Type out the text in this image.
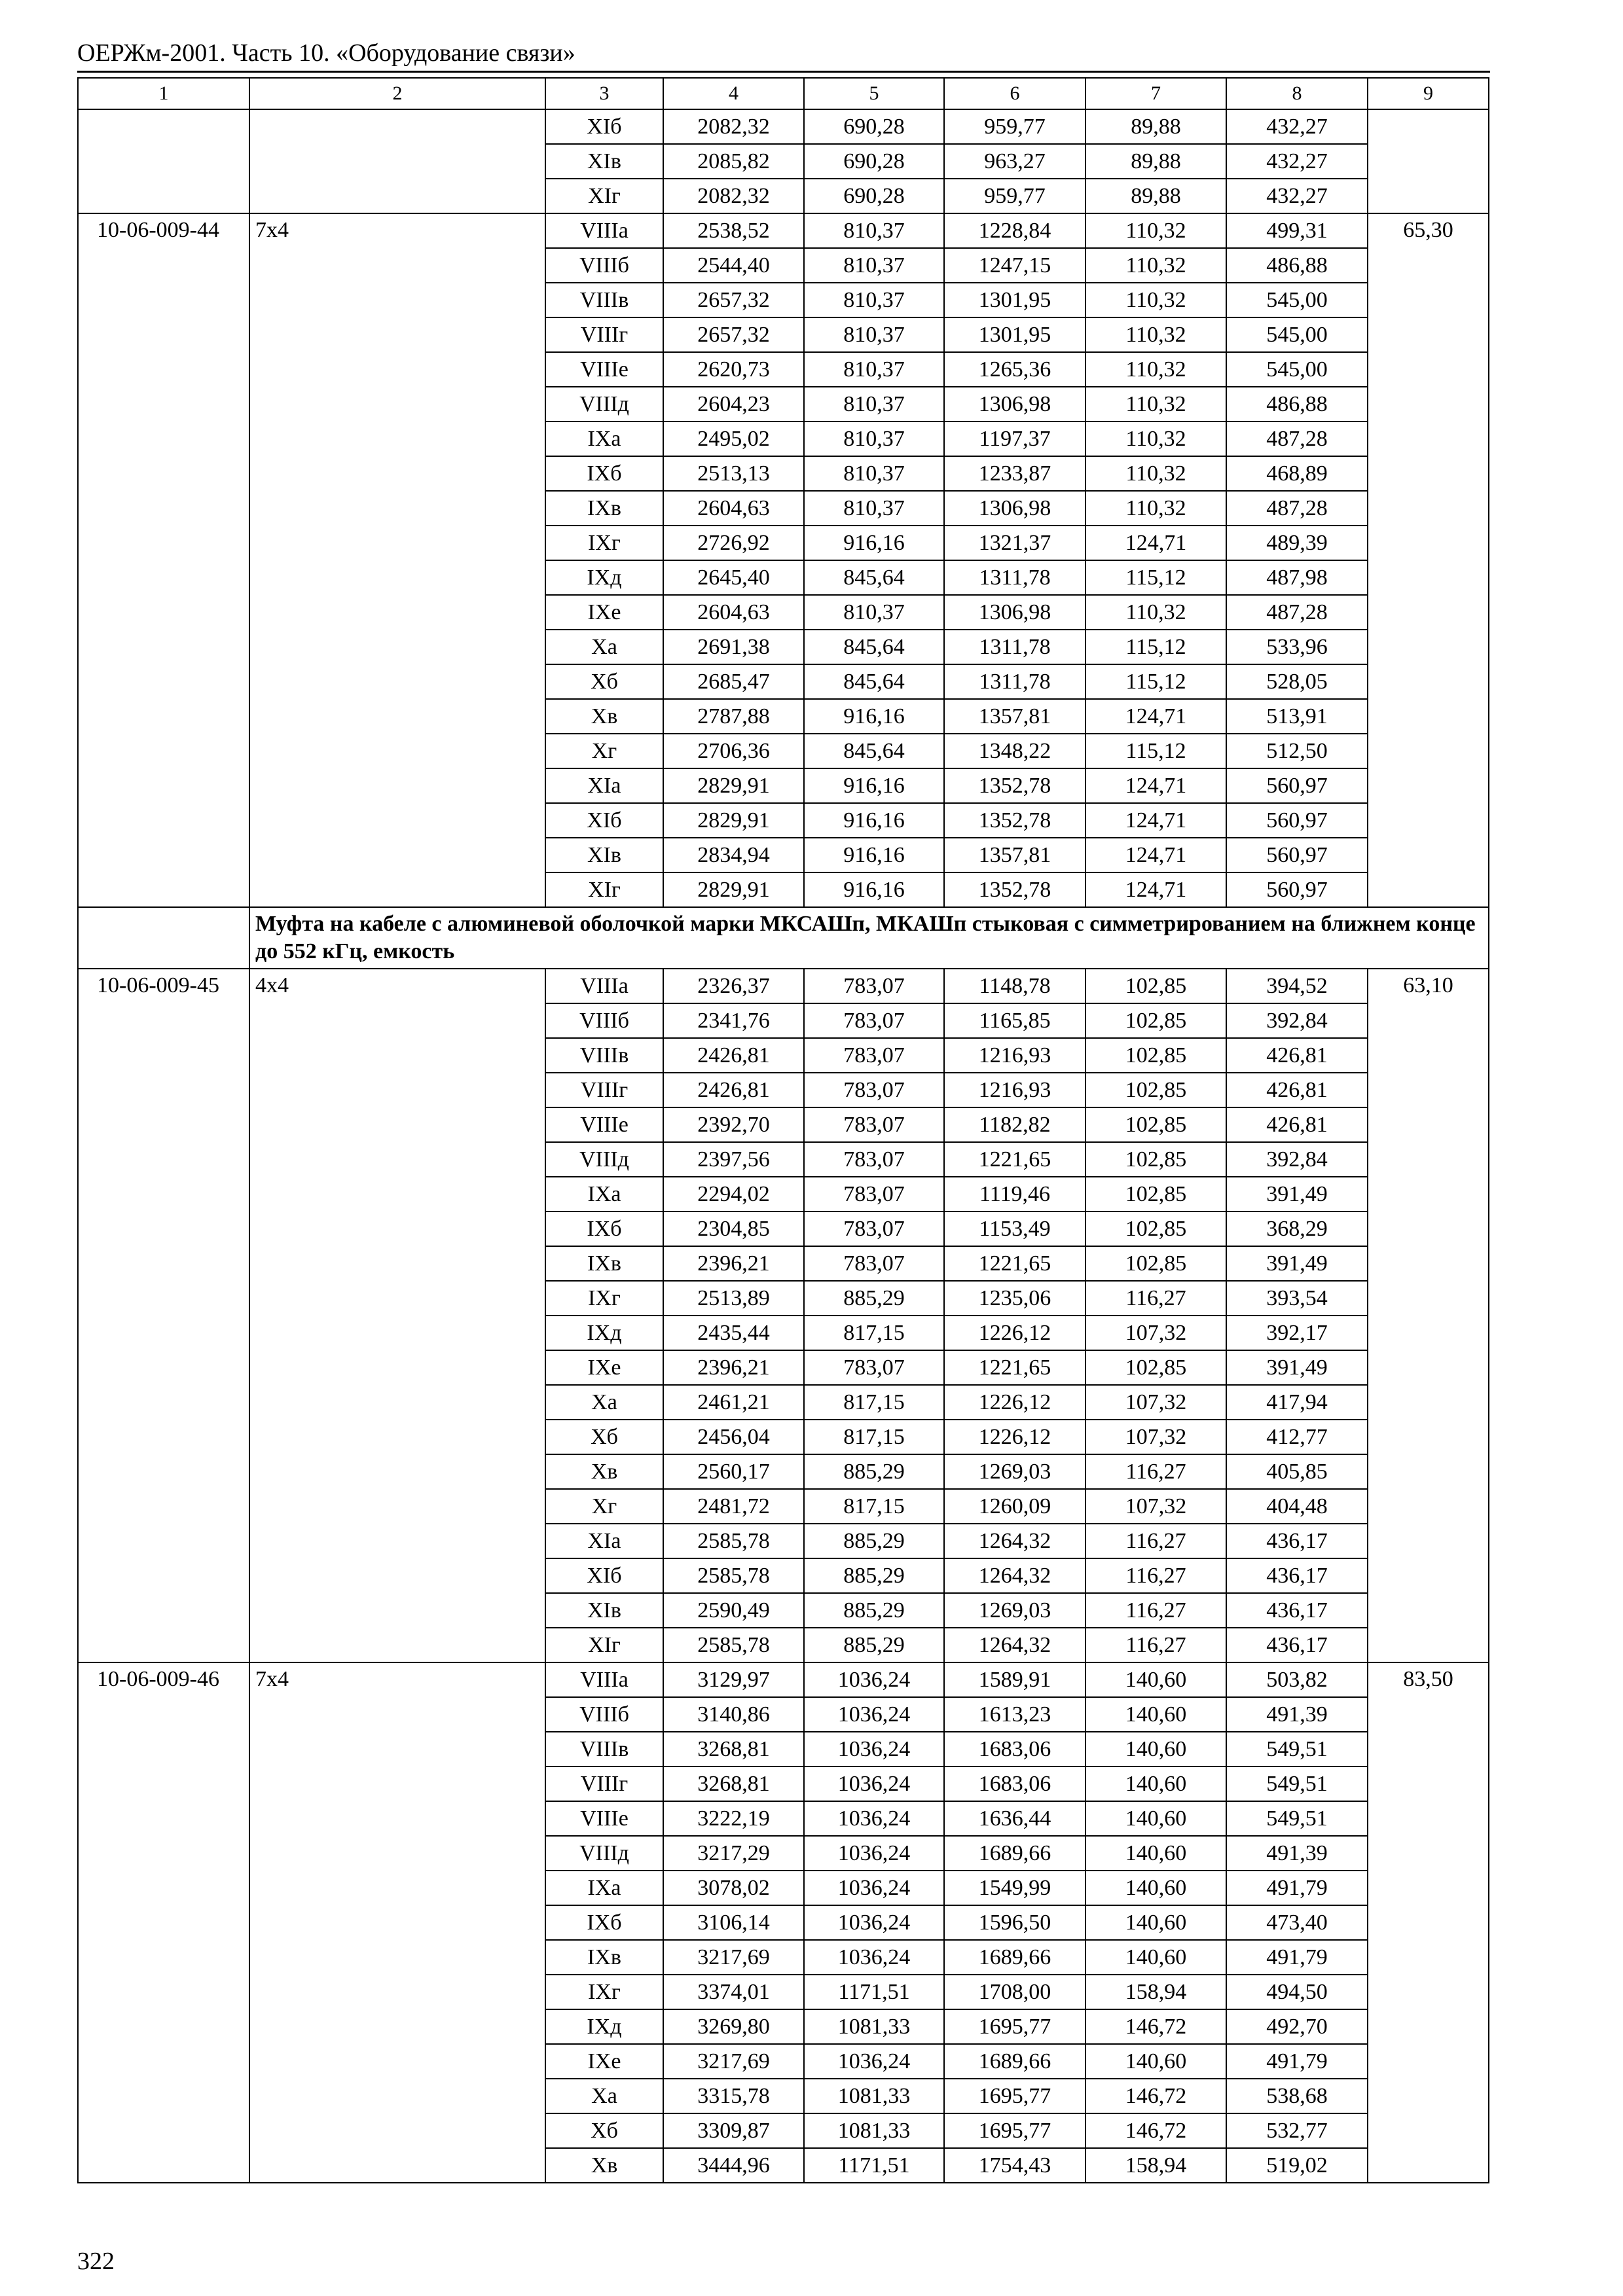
ОЕРЖм-2001. Часть 10. «Оборудование связи»
1	2	3	4	5	6	7	8	9
		XIб	2082,32	690,28	959,77	89,88	432,27	
		XIв	2085,82	690,28	963,27	89,88	432,27	
		XIг	2082,32	690,28	959,77	89,88	432,27	
10-06-009-44	7x4	VIIIа	2538,52	810,37	1228,84	110,32	499,31	65,30
		VIIIб	2544,40	810,37	1247,15	110,32	486,88	
		VIIIв	2657,32	810,37	1301,95	110,32	545,00	
		VIIIг	2657,32	810,37	1301,95	110,32	545,00	
		VIIIе	2620,73	810,37	1265,36	110,32	545,00	
		VIIIд	2604,23	810,37	1306,98	110,32	486,88	
		IXа	2495,02	810,37	1197,37	110,32	487,28	
		IXб	2513,13	810,37	1233,87	110,32	468,89	
		IXв	2604,63	810,37	1306,98	110,32	487,28	
		IXг	2726,92	916,16	1321,37	124,71	489,39	
		IXд	2645,40	845,64	1311,78	115,12	487,98	
		IXе	2604,63	810,37	1306,98	110,32	487,28	
		Xа	2691,38	845,64	1311,78	115,12	533,96	
		Xб	2685,47	845,64	1311,78	115,12	528,05	
		Xв	2787,88	916,16	1357,81	124,71	513,91	
		Xг	2706,36	845,64	1348,22	115,12	512,50	
		XIа	2829,91	916,16	1352,78	124,71	560,97	
		XIб	2829,91	916,16	1352,78	124,71	560,97	
		XIв	2834,94	916,16	1357,81	124,71	560,97	
		XIг	2829,91	916,16	1352,78	124,71	560,97	
	Муфта на кабеле с алюминевой оболочкой марки МКСАШп, МКАШп стыковая с симметрированием на ближнем конце до 552 кГц, емкость							
10-06-009-45	4x4	VIIIа	2326,37	783,07	1148,78	102,85	394,52	63,10
		VIIIб	2341,76	783,07	1165,85	102,85	392,84	
		VIIIв	2426,81	783,07	1216,93	102,85	426,81	
		VIIIг	2426,81	783,07	1216,93	102,85	426,81	
		VIIIе	2392,70	783,07	1182,82	102,85	426,81	
		VIIIд	2397,56	783,07	1221,65	102,85	392,84	
		IXа	2294,02	783,07	1119,46	102,85	391,49	
		IXб	2304,85	783,07	1153,49	102,85	368,29	
		IXв	2396,21	783,07	1221,65	102,85	391,49	
		IXг	2513,89	885,29	1235,06	116,27	393,54	
		IXд	2435,44	817,15	1226,12	107,32	392,17	
		IXе	2396,21	783,07	1221,65	102,85	391,49	
		Xа	2461,21	817,15	1226,12	107,32	417,94	
		Xб	2456,04	817,15	1226,12	107,32	412,77	
		Xв	2560,17	885,29	1269,03	116,27	405,85	
		Xг	2481,72	817,15	1260,09	107,32	404,48	
		XIа	2585,78	885,29	1264,32	116,27	436,17	
		XIб	2585,78	885,29	1264,32	116,27	436,17	
		XIв	2590,49	885,29	1269,03	116,27	436,17	
		XIг	2585,78	885,29	1264,32	116,27	436,17	
10-06-009-46	7x4	VIIIа	3129,97	1036,24	1589,91	140,60	503,82	83,50
		VIIIб	3140,86	1036,24	1613,23	140,60	491,39	
		VIIIв	3268,81	1036,24	1683,06	140,60	549,51	
		VIIIг	3268,81	1036,24	1683,06	140,60	549,51	
		VIIIе	3222,19	1036,24	1636,44	140,60	549,51	
		VIIIд	3217,29	1036,24	1689,66	140,60	491,39	
		IXа	3078,02	1036,24	1549,99	140,60	491,79	
		IXб	3106,14	1036,24	1596,50	140,60	473,40	
		IXв	3217,69	1036,24	1689,66	140,60	491,79	
		IXг	3374,01	1171,51	1708,00	158,94	494,50	
		IXд	3269,80	1081,33	1695,77	146,72	492,70	
		IXе	3217,69	1036,24	1689,66	140,60	491,79	
		Xа	3315,78	1081,33	1695,77	146,72	538,68	
		Xб	3309,87	1081,33	1695,77	146,72	532,77	
		Xв	3444,96	1171,51	1754,43	158,94	519,02	
322
